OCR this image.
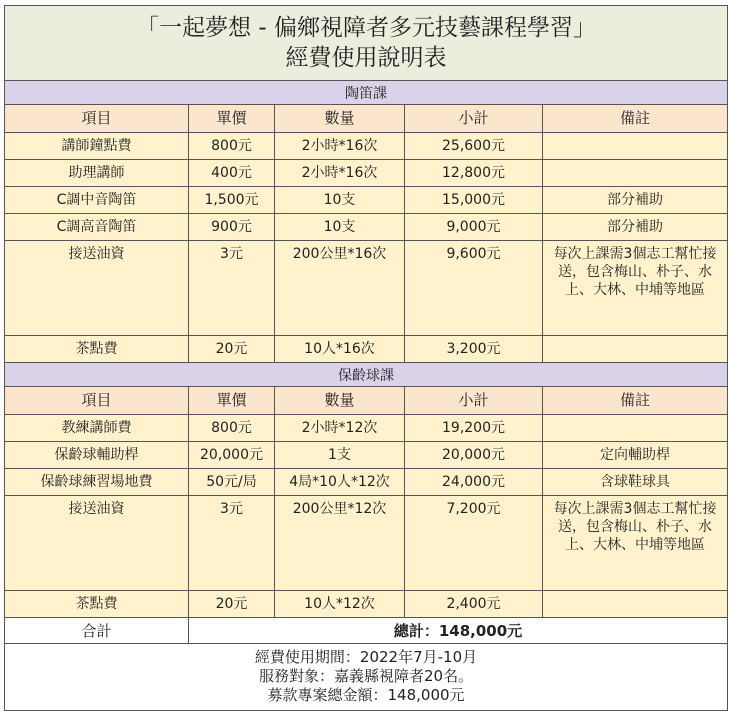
「一起夢想 - 偏鄉視障者多元技藝課程學習」
經費使用說明表				

陶笛課				
項目	單價	數量	小計	備註
講師鐘點費	800元	2小時*16次	25,600元	
助理講師	400元	2小時*16次	12,800元	
C調中音陶笛	1,500元	10支	15,000元	部分補助
C調高音陶笛	900元	10支	9,000元	部分補助
接送油資	3元	200公里*16次	9,600元	每次上課需3個志工幫忙接送，包含梅山、朴子、水上、大林、中埔等地區
茶點費	20元	10人*16次	3,200元	
保齡球課				
項目	單價	數量	小計	備註
教練講師費	800元	2小時*12次	19,200元	
保齡球輔助桿	20,000元	1支	20,000元	定向輔助桿
保齡球練習場地費	50元/局	4局*10人*12次	24,000元	含球鞋球具
接送油資	3元	200公里*12次	7,200元	每次上課需3個志工幫忙接送，包含梅山、朴子、水上、大林、中埔等地區
茶點費	20元	10人*12次	2,400元	
合計	總計：148,000元			

經費使用期間：2022年7月-10月
服務對象：嘉義縣視障者20名。
募款專案總金額：148,000元				
